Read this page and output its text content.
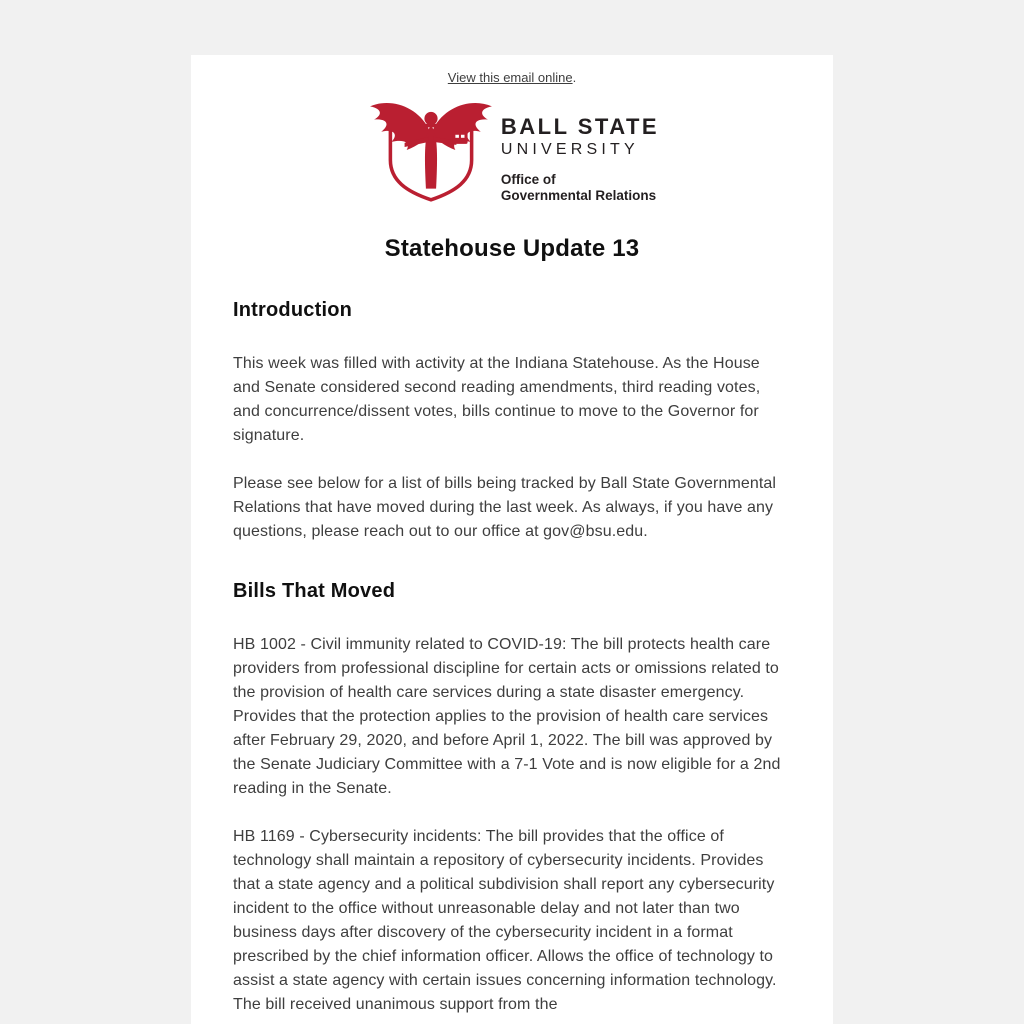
View this email online.
BALL STATE
UNIVERSITY
Office of
Governmental Relations
Statehouse Update 13
Introduction

This week was filled with activity at the Indiana Statehouse. As the House and Senate considered second reading amendments, third reading votes, and concurrence/dissent votes, bills continue to move to the Governor for signature.

Please see below for a list of bills being tracked by Ball State Governmental Relations that have moved during the last week. As always, if you have any questions, please reach out to our office at gov@bsu.edu.

Bills That Moved

HB 1002 - Civil immunity related to COVID-19: The bill protects health care providers from professional discipline for certain acts or omissions related to the provision of health care services during a state disaster emergency. Provides that the protection applies to the provision of health care services after February 29, 2020, and before April 1, 2022. The bill was approved by the Senate Judiciary Committee with a 7-1 Vote and is now eligible for a 2nd reading in the Senate.

HB 1169 - Cybersecurity incidents: The bill provides that the office of technology shall maintain a repository of cybersecurity incidents. Provides that a state agency and a political subdivision shall report any cybersecurity incident to the office without unreasonable delay and not later than two business days after discovery of the cybersecurity incident in a format prescribed by the chief information officer. Allows the office of technology to assist a state agency with certain issues concerning information technology. The bill received unanimous support from the
